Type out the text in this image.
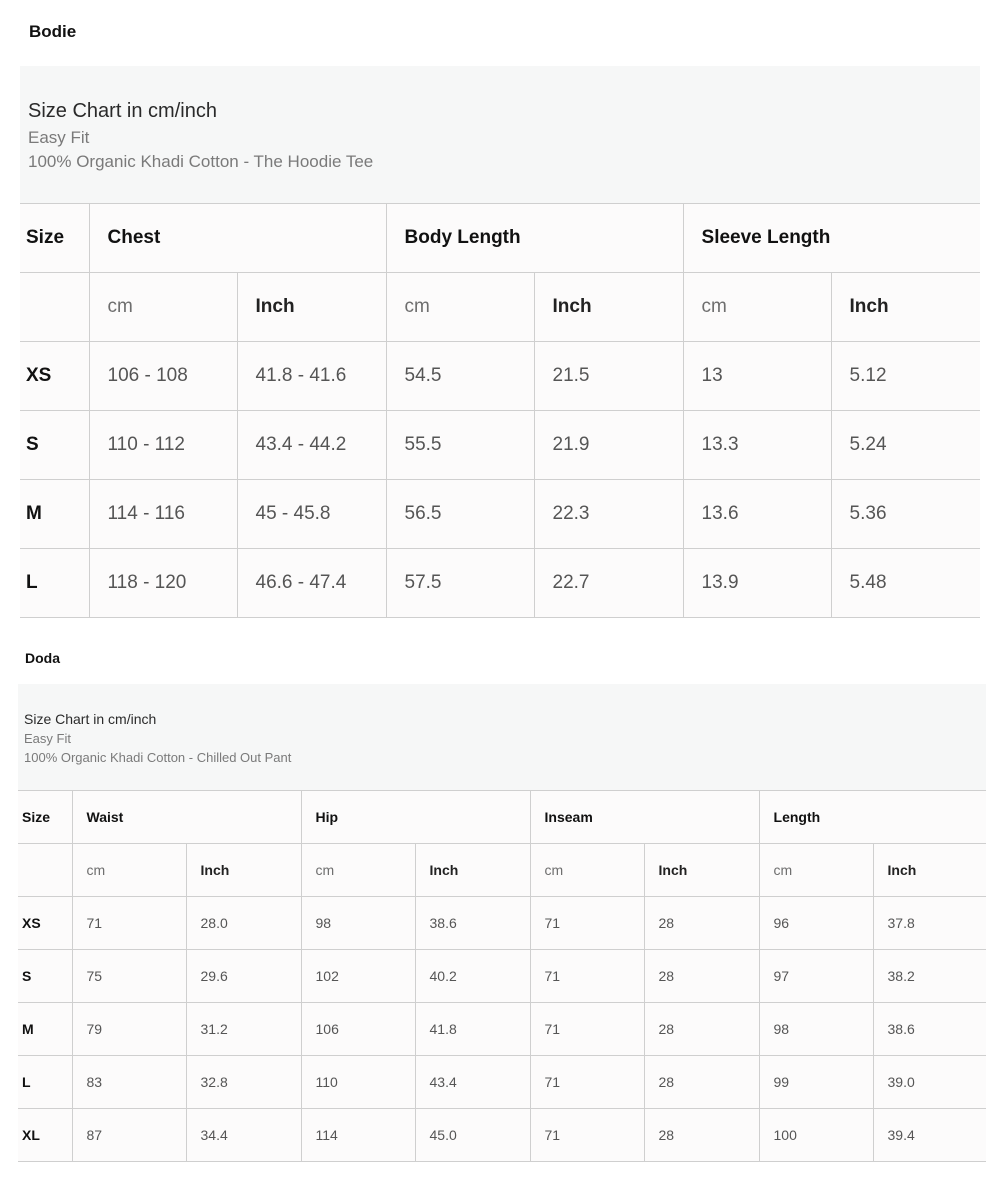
Bodie
Size Chart in cm/inch
Easy Fit
100% Organic Khadi Cotton - The Hoodie Tee
Size	Chest		Body Length		Sleeve Length	
	cm	Inch	cm	Inch	cm	Inch
XS	106 - 108	41.8 - 41.6	54.5	21.5	13	5.12
S	110 - 112	43.4 - 44.2	55.5	21.9	13.3	5.24
M	114 - 116	45 - 45.8	56.5	22.3	13.6	5.36
L	118 - 120	46.6 - 47.4	57.5	22.7	13.9	5.48
Doda
Size Chart in cm/inch
Easy Fit
100% Organic Khadi Cotton - Chilled Out Pant
Size	Waist		Hip		Inseam		Length	
	cm	Inch	cm	Inch	cm	Inch	cm	Inch
XS	71	28.0	98	38.6	71	28	96	37.8
S	75	29.6	102	40.2	71	28	97	38.2
M	79	31.2	106	41.8	71	28	98	38.6
L	83	32.8	110	43.4	71	28	99	39.0
XL	87	34.4	114	45.0	71	28	100	39.4
